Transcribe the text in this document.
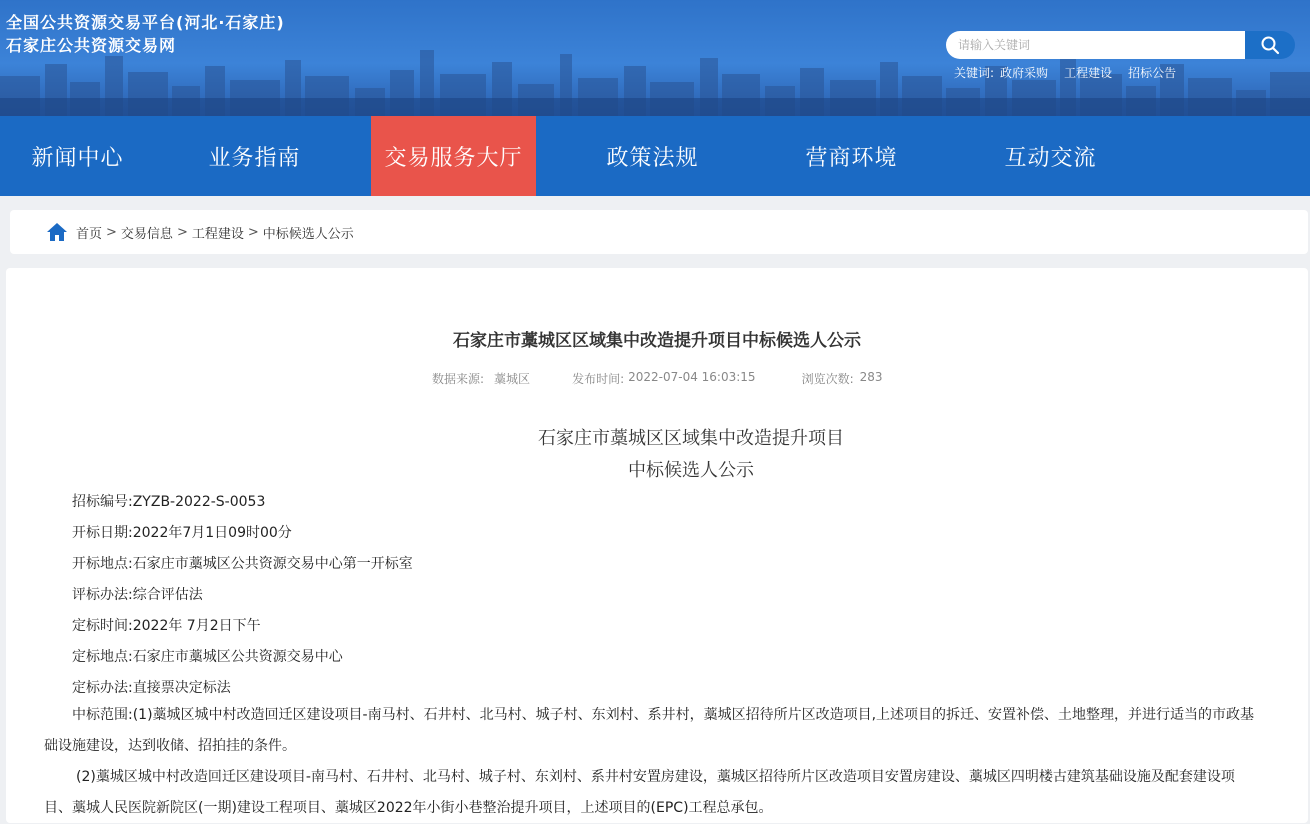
全国公共资源交易平台(河北·石家庄)
石家庄公共资源交易网
请输入关键词
关键词: 政府采购 工程建设 招标公告
新闻中心	业务指南	交易服务大厅	政策法规	营商环境	互动交流
首页 > 交易信息 > 工程建设 > 中标候选人公示
石家庄市藁城区区域集中改造提升项目中标候选人公示
数据来源: 藁城区	发布时间: 2022-07-04 16:03:15	浏览次数: 283
石家庄市藁城区区域集中改造提升项目
中标候选人公示
招标编号:ZYZB-2022-S-0053
开标日期:2022年7月1日09时00分
开标地点:石家庄市藁城区公共资源交易中心第一开标室
评标办法:综合评估法
定标时间:2022年 7月2日下午
定标地点:石家庄市藁城区公共资源交易中心
定标办法:直接票决定标法
中标范围:(1)藁城区城中村改造回迁区建设项目-南马村、石井村、北马村、城子村、东刘村、系井村，藁城区招待所片区改造项目,上述项目的拆迁、安置补偿、土地整理，并进行适当的市政基础设施建设，达到收储、招拍挂的条件。
(2)藁城区城中村改造回迁区建设项目-南马村、石井村、北马村、城子村、东刘村、系井村安置房建设，藁城区招待所片区改造项目安置房建设、藁城区四明楼古建筑基础设施及配套建设项目、藁城人民医院新院区(一期)建设工程项目、藁城区2022年小街小巷整治提升项目，上述项目的(EPC)工程总承包。
